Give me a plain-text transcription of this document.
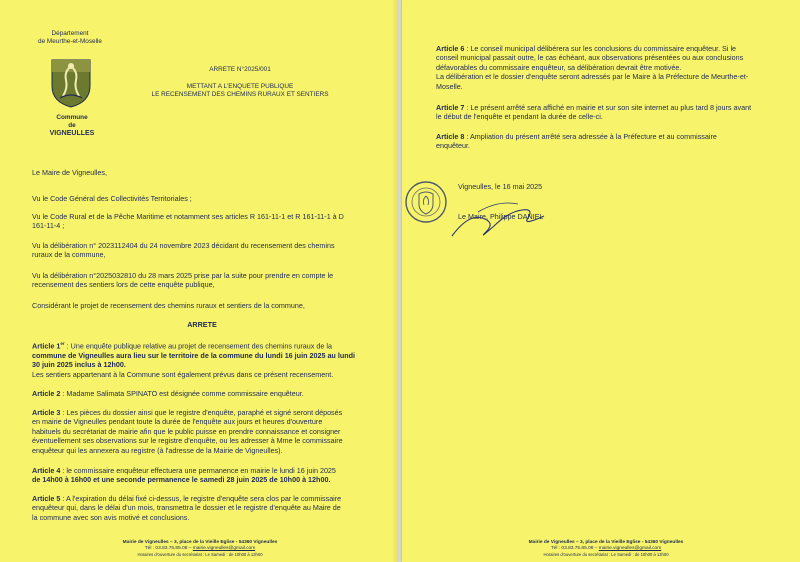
Département
de Meurthe-et-Moselle
Commune
de
VIGNEULLES
ARRETE N°2025/001
METTANT A L'ENQUETE PUBLIQUE
LE RECENSEMENT DES CHEMINS RURAUX ET SENTIERS
Le Maire de Vigneulles,
Vu le Code Général des Collectivités Territoriales ;
Vu le Code Rural et de la Pêche Maritime et notamment ses articles R 161-11-1 et R 161-11-1 à D
161-11-4 ;
Vu la délibération n° 2023112404 du 24 novembre 2023 décidant du recensement des chemins
ruraux de la commune,
Vu la délibération n°2025032810 du 28 mars 2025 prise par la suite pour prendre en compte le
recensement des sentiers lors de cette enquête publique,
Considérant le projet de recensement des chemins ruraux et sentiers de la commune,
ARRETE
Article 1er : Une enquête publique relative au projet de recensement des chemins ruraux de la
commune de Vigneulles aura lieu sur le territoire de la commune du lundi 16 juin 2025 au lundi
30 juin 2025 inclus à 12h00.
Les sentiers appartenant à la Commune sont également prévus dans ce présent recensement.
Article 2 : Madame Salimata SPINATO est désignée comme commissaire enquêteur.
Article 3 : Les pièces du dossier ainsi que le registre d'enquête, paraphé et signé seront déposés
en mairie de Vigneulles pendant toute la durée de l'enquête aux jours et heures d'ouverture
habituels du secrétariat de mairie afin que le public puisse en prendre connaissance et consigner
éventuellement ses observations sur le registre d'enquête, ou les adresser à Mme le commissaire
enquêteur qui les annexera au registre (à l'adresse de la Mairie de Vigneulles).
Article 4 : le commissaire enquêteur effectuera une permanence en mairie le lundi 16 juin 2025
de 14h00 à 16h00 et une seconde permanence le samedi 28 juin 2025 de 10h00 à 12h00.
Article 5 : A l'expiration du délai fixé ci-dessus, le registre d'enquête sera clos par le commissaire
enquêteur qui, dans le délai d'un mois, transmettra le dossier et le registre d'enquête au Maire de
la commune avec son avis motivé et conclusions.
Mairie de Vigneulles – 3, place de la Vieille Eglise - 54360 Vigneulles
Tél : 03.83.75.85.08 – mairie.vigneulles@gmail.com
Horaires d'ouverture du secrétariat : Le Samedi : de 10h00 à 12h00
Article 6 : Le conseil municipal délibérera sur les conclusions du commissaire enquêteur. Si le
conseil municipal passait outre, le cas échéant, aux observations présentées ou aux conclusions
défavorables du commissaire enquêteur, sa délibération devrait être motivée.
La délibération et le dossier d'enquête seront adressés par le Maire à la Préfecture de Meurthe-et-
Moselle.
Article 7 : Le présent arrêté sera affiché en mairie et sur son site internet au plus tard 8 jours avant
le début de l'enquête et pendant la durée de celle-ci.
Article 8 : Ampliation du présent arrêté sera adressée à la Préfecture et au commissaire
enquêteur.
Vigneulles, le 16 mai 2025
Le Maire, Philippe DANIEL
Mairie de Vigneulles – 3, place de la Vieille Eglise - 54360 Vigneulles
Tél : 03.83.75.85.08 – mairie.vigneulles@gmail.com
Horaires d'ouverture du secrétariat : Le Samedi : de 10h00 à 12h00
